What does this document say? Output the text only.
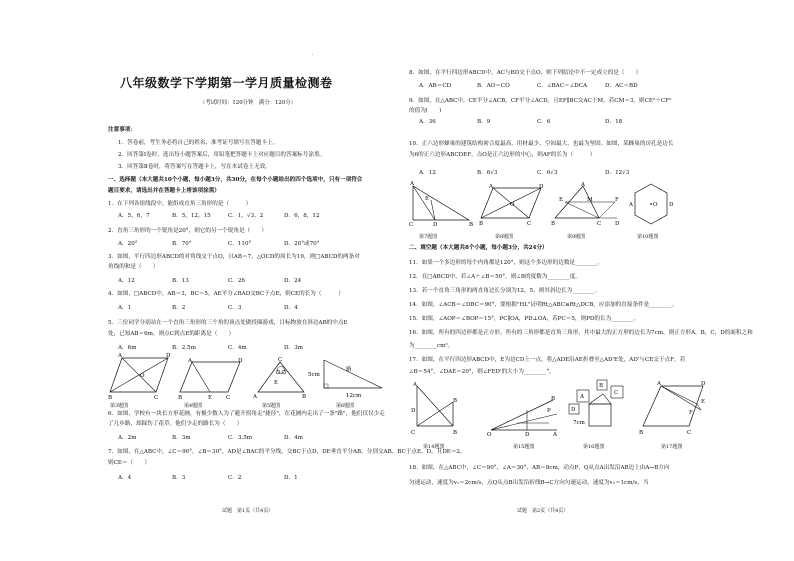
·
八年级数学下学期第一学月质量检测卷
（考试时间：120分钟　满分：120分）
注意事项：
1．答卷前，考生务必将自己的姓名、准考证号填写在答题卡上。
2．回答第Ⅰ卷时，选出每小题答案后，用铅笔把答题卡上对应题目的答案标号涂黑。
3．回答第Ⅱ卷时，将答案写在答题卡上，写在本试卷上无效。
一、选择题（本大题共10个小题，每小题3分，共30分，在每个小题给出的四个选项中，只有一项符合
题目要求，请选出并在答题卡上将该项涂黑）
1．在下列各组线段中，能组成直角三角形的是（　　　）
A．5，6，7	B．5，12，15	C．1，√3，2	D．6，8，12
2．直角三角形的一个锐角是20°，则它的另一个锐角是（　　）
A．20°	B．70°	C．110°	D．20°或70°
3．如图，平行四边形ABCD的对角线交于点O，且AB＝7，△OCD的周长为19，则□ABCD的两条对
角线的和是（　　）
A．12	B．13	C．26	D．24
4．如图，□ABCD中，AB＝3，BC＝5，AE平分∠BAD交BC于点E，则CE的长为（　　　）
A．1	B．2	C．3	D．4
5．三位同学分别站在一个直角三角形的三个角的顶点处做投圈游戏，目标物放在斜边AB的中点E
处，已知AB＝6m，则点C到点E的距离是（　　）
A．6m	B．2.5m	C．4m	D．3m
A	D
B	C
O
A	D
B	E	C	A	B
C
E
5cm
12cm
路
第3题图	第4题图	第5题图	第6题图
6．如图，学校有一块长方形花圃，有极少数人为了避开拐角走"捷径"，在花圃内走出了一条"路"，他们仅仅少走
了几步路，却踩伤了花草。他们少走的路长为（　　）
A．2m	B．3m	C．3.5m	D．4m
7．如图，在△ABC中，∠C＝90°，∠B＝30°，AD是∠BAC的平分线，交BC于点D，DE垂直平分AB，分别交AB、BC于点E、D，且DE＝2，
则CE＝（　　）
A．4	B．3	C．2	D．1
试题　第1页（共4页）
8．如图，在平行四边形ABCD中，AC与BD交于点O，则下列结论中不一定成立的是（　　）
A．AB＝CD	B．AO＝CO	C．∠BAC＝∠DCA	D．AC＝BD
9．如图，在△ABC中，CE平分∠ACB，CF平分∠ACD，且EF∥BC交AC于M，若CM＝3，则CE²＋CF²
的值为(　　)
A．36	B．9	C．6	D．18
10．正六边形蜂巢的建筑结构密合度最高、用材最少、空间最大、也最为坚固。如图，某蜂巢的房孔是边长
为6的正六边形ABCDEF，点O是正六边形的中心，则AF的长为（　　　）
A．12	B．6√3	C．6√3	D．12√3
A
C	D	B
E
A	D
B	C
O
A
E	M	F
B	C	D
O
A	D
第7题图	第8题图	第9题图	第10题图
二、填空题（本大题共8个小题，每小题3分，共24分）
11．如果一个多边形的每个内角都是120°，则这个多边形的边数是________。
12．在□ABCD中，若∠A＋∠B＝50°，则∠B的度数为________度。
13．若一个直角三角形的两直角边长分别为12、5，则其斜边长为________。
14．如图，∠ACB＝∠DBC＝90°，要根据"HL"证明Rt△ABC≌Rt△DCB，应添加的直接条件是________。
15．如图，∠AOP＝∠BOP＝15°，PC∥OA，PD⊥OA，若PC＝5，则PD的长为________。
16．如图，所有的四边形都是正方形，所有的三角形都是直角三角形，其中最大的正方形的边长为7cm，则正方形A，B，C，D的面积之和
为________cm²。
17．如图，在平行四边形ABCD中，E为边CD上一点，将△ADE沿AE折叠至△AD'E处，AD'与CE交于点F，若
∠B＝54°，∠DAE＝20°，则∠FED'的大小为________°。
A
D
C
B
B	O	D	A
P
B	A
B
C
D
7cm
A	D
B	C
E
F
第14题图	第15题图	第16题图	第17题图
18．如图，在△ABC中，∠C＝90°，∠A＝30°，AB＝8cm，动点P、Q从点A出发沿AB边上由A→B方向
匀速运动，速度为v₁＝2cm/s，点Q从点B出发沿折线B→C方向匀速运动，速度为v₂＝1cm/s，当
试题　第2页（共4页）
